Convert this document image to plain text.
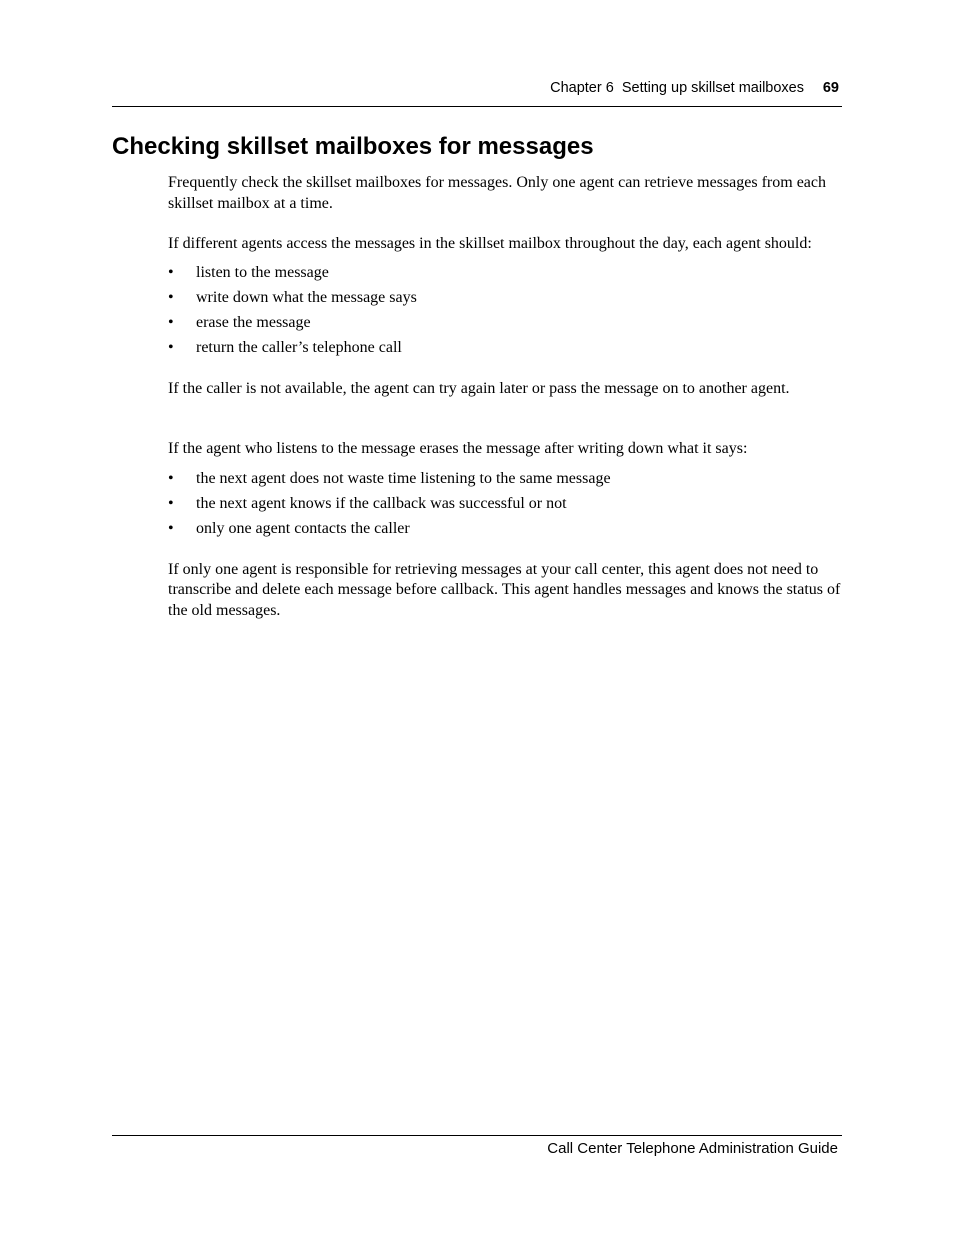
Chapter 6  Setting up skillset mailboxes 69
Checking skillset mailboxes for messages

Frequently check the skillset mailboxes for messages. Only one agent can retrieve messages from each skillset mailbox at a time.

If different agents access the messages in the skillset mailbox throughout the day, each agent should:

• listen to the message
• write down what the message says
• erase the message
• return the caller’s telephone call

If the caller is not available, the agent can try again later or pass the message on to another agent.

If the agent who listens to the message erases the message after writing down what it says:

• the next agent does not waste time listening to the same message
• the next agent knows if the callback was successful or not
• only one agent contacts the caller

If only one agent is responsible for retrieving messages at your call center, this agent does not need to transcribe and delete each message before callback. This agent handles messages and knows the status of the old messages.

Call Center Telephone Administration Guide
